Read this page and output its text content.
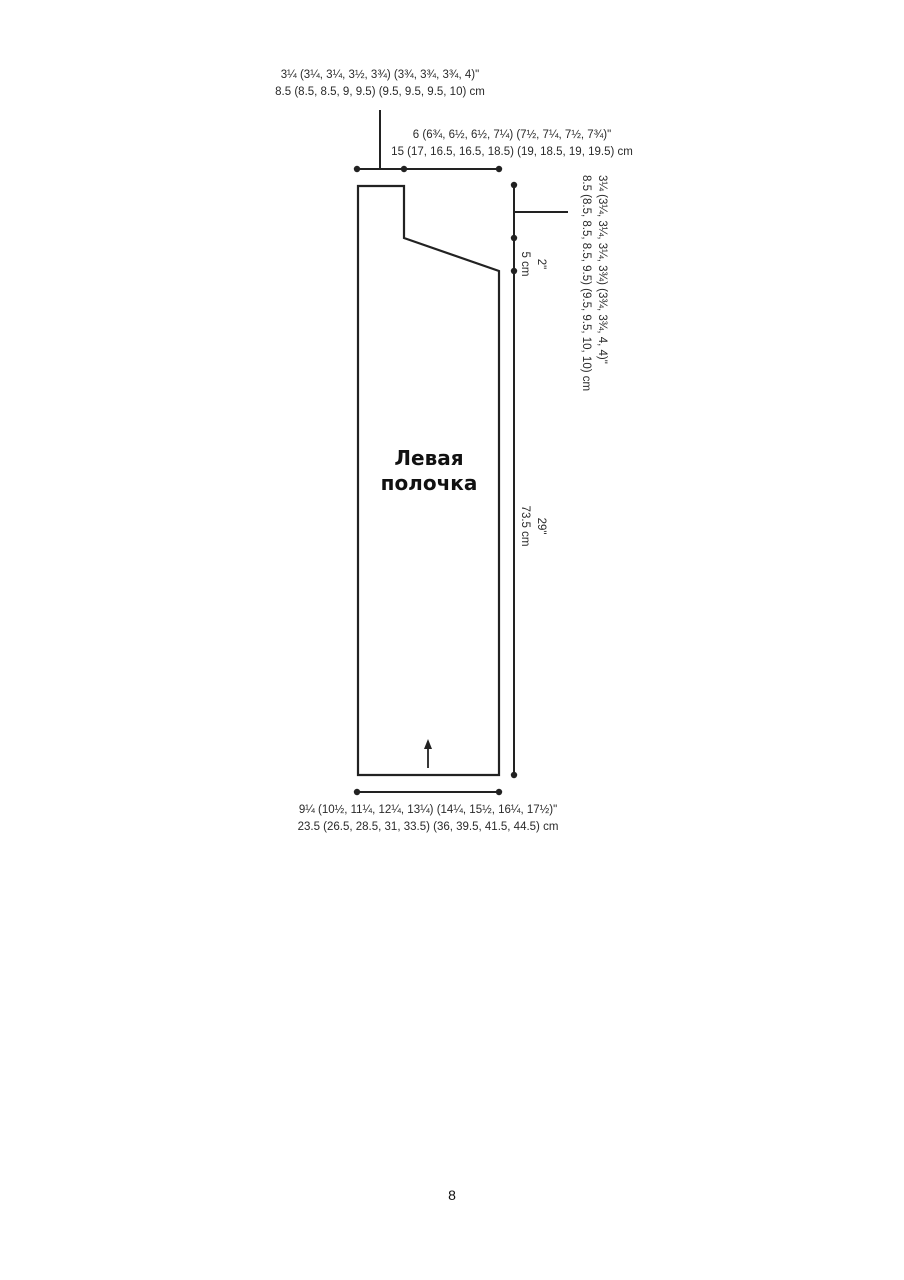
Левая
полочка
3¼ (3¼, 3¼, 3½, 3¾) (3¾, 3¾, 3¾, 4)"
8.5 (8.5, 8.5, 9, 9.5) (9.5, 9.5, 9.5, 10) cm
6 (6¾, 6½, 6½, 7¼) (7½, 7¼, 7½, 7¾)"
15 (17, 16.5, 16.5, 18.5) (19, 18.5, 19, 19.5) cm
3¼ (3¼, 3¼, 3¼, 3¾) (3¾, 3¾, 4, 4)"
8.5 (8.5, 8.5, 8.5, 9.5) (9.5, 9.5, 10, 10) cm
2"
5 cm
29"
73.5 cm
9¼ (10½, 11¼, 12¼, 13¼) (14¼, 15½, 16¼, 17½)"
23.5 (26.5, 28.5, 31, 33.5) (36, 39.5, 41.5, 44.5) cm
8
